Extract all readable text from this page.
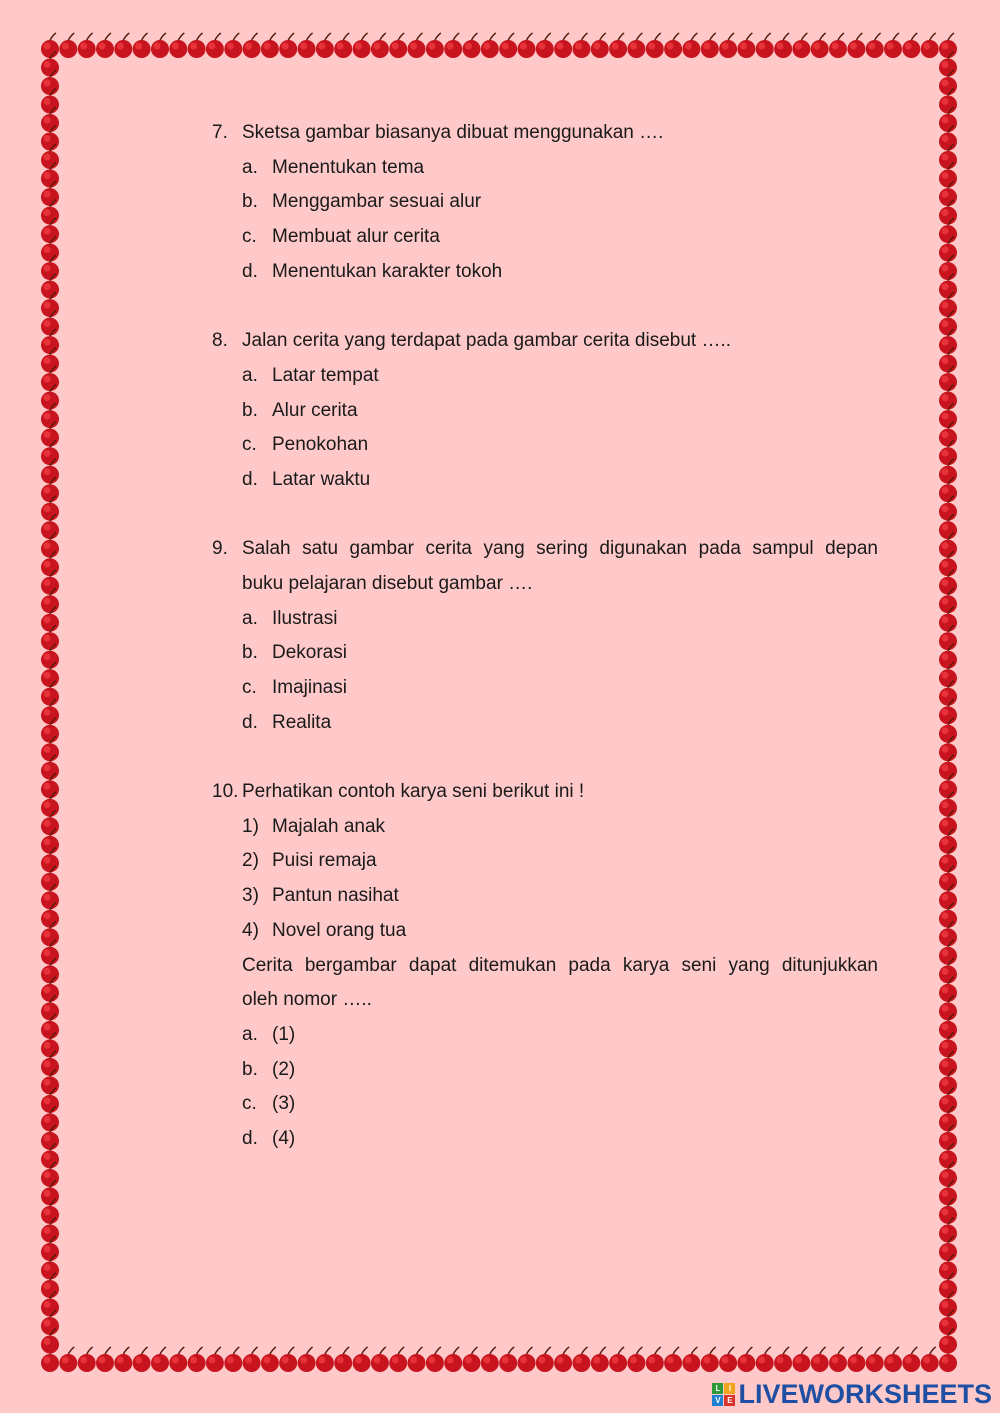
7. Sketsa gambar biasanya dibuat menggunakan ….
a. Menentukan tema
b. Menggambar sesuai alur
c. Membuat alur cerita
d. Menentukan karakter tokoh
8. Jalan cerita yang terdapat pada gambar cerita disebut …..
a. Latar tempat
b. Alur cerita
c. Penokohan
d. Latar waktu
9. Salah satu gambar cerita yang sering digunakan pada sampul depan
buku pelajaran disebut gambar ….
a. Ilustrasi
b. Dekorasi
c. Imajinasi
d. Realita
10. Perhatikan contoh karya seni berikut ini !
1) Majalah anak
2) Puisi remaja
3) Pantun nasihat
4) Novel orang tua
Cerita bergambar dapat ditemukan pada karya seni yang ditunjukkan
oleh nomor …..
a. (1)
b. (2)
c. (3)
d. (4)
L	I
V E LIVEWORKSHEETS
